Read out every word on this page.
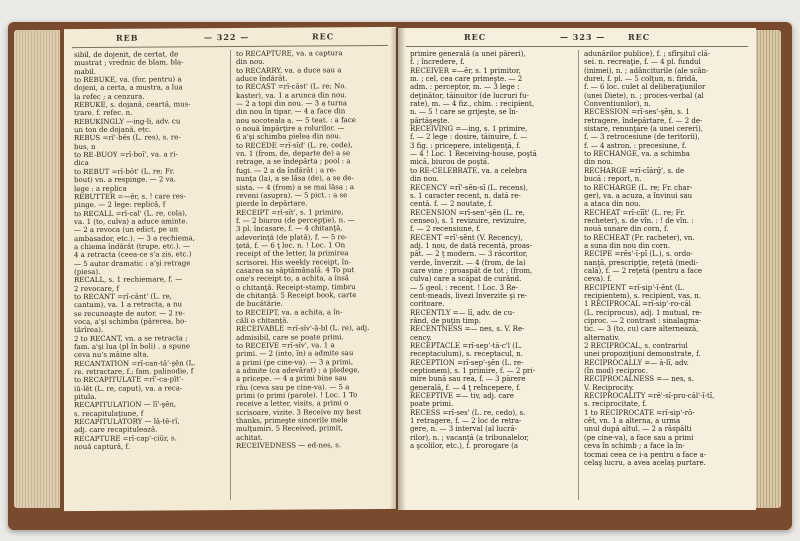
REB	— 322 —	REC

sibil, de dojenit, de certat, de

mustrat ; vrednic de blam, bla-

mabil.

to REBUKE, va. (for, pentru) a

dojeni, a certa, a mustra, a lua

la refec ; a cenzura.

REBUKE, s. dojană, ceartă, mus-

trare. f. refec. n.

REBUKINGLY —ing-li, adv. cu

un ton de dojană, etc.

REBUS =rĭ'-bĕs (L. res), s. re-

bus, n

to RE-BUOY =rĭ-boĭ', va. a ri-

dica

to REBUT =rĭ-bŏt' (L. re; Fr.

bout) vn. a respinge. — 2 va.

lege : a replica

REBUTTER =—ĕr, s. ! care res-

pinge. — 2 lege: replică, f

to RECALL =rĭ-cal' (L. re, cola),

va. 1 (to, culva) a aduce aminte.

— 2 a revoca (un edict, pe un

ambasador, etc.). — 3 a rechiema,

a chiema îndărăt (trupe, etc.). —

4 a retracta (ceea-ce s'a zis, etc.)

— 5 autor dramatic : a'şi retrage

(piesa).

RECALL, s. 1 rechiemare, f. —

2 revocare, f

to RECANT =rĭ-cănt' (L. re,

cantum), va. 1 a retracta, a nu

se recunoaşte de autor. — 2 re-

voca, a'şi schimba (părerea, ho-

tărîrea).

2 to RECANT, vn. a se retracta ;

fam. a'şi lua (pl în boli) . a spune

ceva nu's mâine alta.

RECANTATION =rĭ-can-tă'-şĕn (L.

re. retractare, f.; fam. palinodie, f

to RECAPITULATE =rĭ'-ca-pĭt'-

iŭ-lĕt (L. re, caput), va. a reca-

pitula.

RECAPITULATION — lĭ'-şĕn,

s. recapitulaţiune, f

RECAPITULATORY — lă-tĕ-rĭ,

adj. care recapitulează.

RECAPTURE =rĭ-cap'-ciŭr, s.

nouă captură, f.

to RECAPTURE, va. a captura

din nou.

to RECARRY, va. a duce sau a

aduce îndărăt.

to RECAST =rĭ-căst' (L. re; No.

kaster), va. 1 a arunca din nou.

— 2 a topi din nou. — 3 a turna

din nou în tipar. — 4 a face din

nou socoteala a. — 5 teat. : a face

o nouă împărţire a rolurilor. —

6 a'şi schimba pielea din nou.

to RECEDE =rĭ-sĭd' (L. re, cede),

vn. 1 (from, de, departe de) a se

retrage, a se îndepărta ; pool : a

fugi. — 2 a da îndărăt ; a re-

nunţa (la), a se lăsa (de), a se de-

sista. — 4 (from) a se mai lăsa ; a

reveni (asupra). — 5 pict. : a se

pierde în depărtare.

RECEIPT =rĭ-sĭt', s. 1 primire,

f. — 2 biurou (de percepţie), n. —

3 pl. încasare, f. — 4 chitanţă,

adeverinţă (de plată), f. — 5 re-

ţetă, f. — 6 ţ loc. n. ! Loc. 1 On

receipt of the letter, la primirea

scrisorei. His weekly receipt, în-

casarea sa săptămânală. 4 To put

one's receipt to, a achita, a însă

o chitanţă. Receipt-stamp, timbru

de chitanţă. 5 Receipt book, carte

de bucătărie.

to RECEIPT, va. a achita, a în-

căli o chitanţă.

RECEIVABLE =rĭ-sĭv'-ă-bl (L. re), adj.

admisibil, care se poate primi.

to RECEIVE =rĭ-sĭv', va. 1 a

primi. — 2 (into, în) a admite sau

a primi (pe cine-va). — 3 a primi,

a admite (ca adevărat) ; a pledege,

a pricepe. — 4 a primi bine sau

rău (ceva sau pe cine-va). — 5 a

primi (o primi (parole). ! Loc. 1 To

receive a letter, visits, a primi o

scrisoare, vizite. 3 Receive my best

thanks, primeşte sincerile mele

mulţumiri. 5 Received, primit,

achitat.

RECEIVEDNESS — ed-nes, s.

REC	— 323 —	REC

primire generală (a unei păreri),

f. ; încredere, f.

RECEIVER =—ĕr, s. 1 primitor,

m. ; cel, cea care primeşte. — 2

adm. : perceptor, m. — 3 lege :

deţinător, tăinuitor (de lucruri fu-

rate), m. — 4 fiz., chim. : recipient,

n. — 5 ! care se grijeşte, se în-

părtăşeşte.

RECEIVING =—ing, s. 1 primire,

f. — 2 lege : dosire, tăinuire, f. —

3 fig. : pricepere, inteligenţă, f.

— 4 ! Loc. 1 Receiving-house, poştă

mică, biurou de poştă.

to RE-CELEBRATE, va. a celebra

din nou.

RECENCY =rĭ'-sĕn-sĭ (L. recens),

s. 1 caracter recent, n. dată re-

centă. f. — 2 noutate, f.

RECENSION =rĭ-sen'-şĕn (L. re,

censeo), s. 1 revizuire, revizuire,

f. — 2 recensiune, f.

RECENT =rĭ'-sĕnt (V. Recency),

adj. 1 nou, de dată recentă, proas-

păt. — 2 ţ modern. — 3 răcoritor,

verde, înverzit. — 4 (from, de la)

care vine ; proaspăt de tot ; (from,

culva) care a scăpat de curând.

— 5 geol. : recent. ! Loc. 3 Re-

cent-meads, livezi înverzite şi re-

coritoare.

RECENTLY =— lĭ, adv. de cu-

rând, de puţin timp.

RECENTNESS =— nes, s. V. Re-

cency.

RECEPTACLE =rĭ-sep'-tă-c'l (L.

receptaculum), s. receptacul, n.

RECEPTION =rĭ-sep'-şĕn (L. re-

ceptionem), s. 1 primire, f. — 2 pri-

mire bună sau rea, f. — 3 părere

generală, f. — 4 ţ reîncepere, f.

RECEPTIVE =— tiv, adj. care

poate primi.

RECESS =rĭ-ses' (L. re, cedo), s.

1 retragere, f. — 2 loc de retra-

gere, n. — 3 interval (al lucră-

rilor), n. ; vacanţă (a tribunalelor,

a şcolilor, etc.), f. prorogare (a

adunărilor publice), f. ; sfîrşitul clă-

sei. n. recreaţie, f. — 4 pl. fundul

(inimei), n. ; adânciturile (ale scân-

durei, f. pl. — 5 colţun, n. firidă,

f. — 6 loc. culet al deliberaţiunilor

(unei Diete), n. ; proces-verbal (al

Conventiunilor), n.

RECESSION =rĭ-ses'-şĕn, s. 1

retragere, îndepărtare, f. — 2 de-

sistare, renunţare (a unei cereri),

f. — 3 retrocesiune (de teritorii),

f. — 4 astron. : precesiune, f.

to RECHANGE, va. a schimba

din nou.

RECHARGE =rĭ-cĭărğ', s. de

bucă : report, n.

to RECHARGE (L. re; Fr. char-

ger), va. a acuza, a învinui sau

a ataca din nou.

RECHEAT =rĭ-cĭĭt' (L. re; Fr.

recheter), s. de vîn. : ! de vîn. :

nouă sunare din corn, f.

to RECHEAT (Fr. racheter), vn.

a suna din nou din corn.

RECIPE =rĕs'-ĭ-pĭ (L.), s. ordo-

nanţă, prescripţie, reţetă (medi-

cală), f. — 2 reţetă (pentru a face

ceva). f.

RECIPIENT =rĭ-sip'-ĭ-ĕnt (L.

recipientem), s. recipient, vas, n.

1 RECIPROCAL =rĭ-sip'-ro-căl

(L. reciprocus), adj. 1 mutual, re-

ciproc. — 2 contrast : sinalagma-

tic. — 3 (to, cu) care alternează,

alternativ.

2 RECIPROCAL, s. contrariul

unei propoziţiuni demonstrate, f.

RECIPROCALLY =— ă-lĭ, adv.

(în mod) reciproc.

RECIPROCALNESS =— nes, s.

V. Reciprocity.

RECIPROCALITY =rĕ'-sĭ-pro-căl'-ĭ-tĭ,

s. reciprocitate, f.

1 to RECIPROCATE =rĭ-sip'-rŏ-

cĕt, vn. 1 a alterna, a urma

unul după altul. — 2 a răspălti

(pe cine-va), a face sau a primi

ceva în schimb ; a face la în-

tocmai ceea ce i-a pentru a face a-

celaş lucru, a avea acelaş purtare.
